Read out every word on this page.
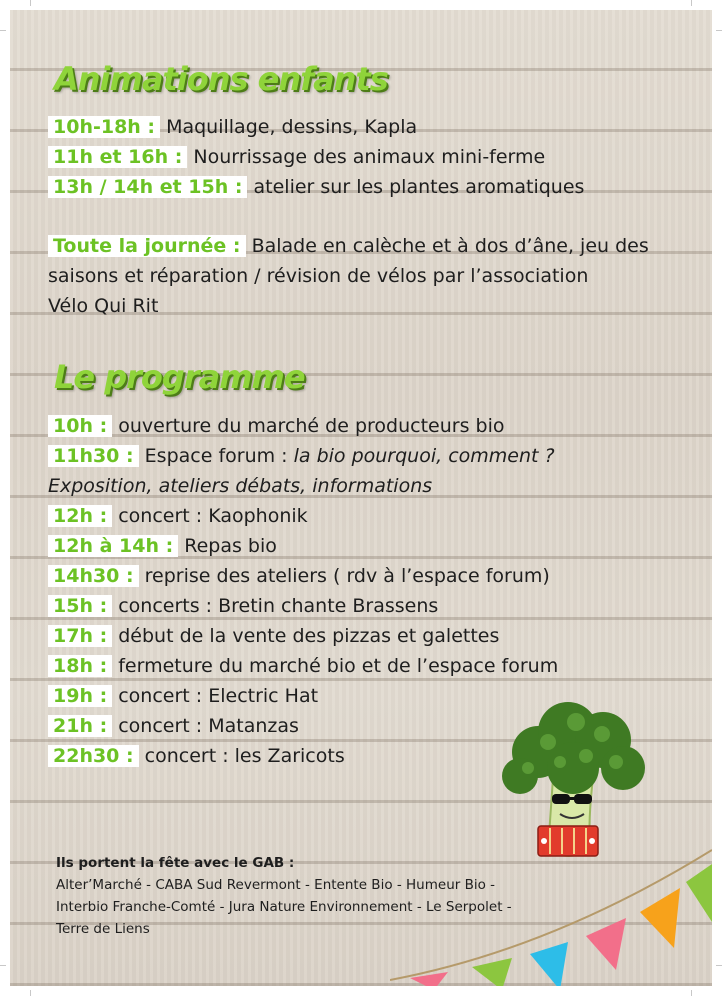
Animations enfants
10h-18h : Maquillage, dessins, Kapla
11h et 16h : Nourrissage des animaux mini-ferme
13h / 14h et 15h : atelier sur les plantes aromatiques
Toute la journée : Balade en calèche et à dos d’âne, jeu des
saisons et réparation / révision de vélos par l’association
Vélo Qui Rit
Le programme
10h : ouverture du marché de producteurs bio
11h30 : Espace forum : la bio pourquoi, comment ?
Exposition, ateliers débats, informations
12h : concert : Kaophonik
12h à 14h : Repas bio
14h30 : reprise des ateliers ( rdv à l’espace forum)
15h : concerts : Bretin chante Brassens
17h : début de la vente des pizzas et galettes
18h : fermeture du marché bio et de l’espace forum
19h : concert : Electric Hat
21h : concert : Matanzas
22h30 : concert : les Zaricots
Ils portent la fête avec le GAB :
Alter’Marché - CABA Sud Revermont - Entente Bio - Humeur Bio -
Interbio Franche-Comté - Jura Nature Environnement - Le Serpolet -
Terre de Liens
